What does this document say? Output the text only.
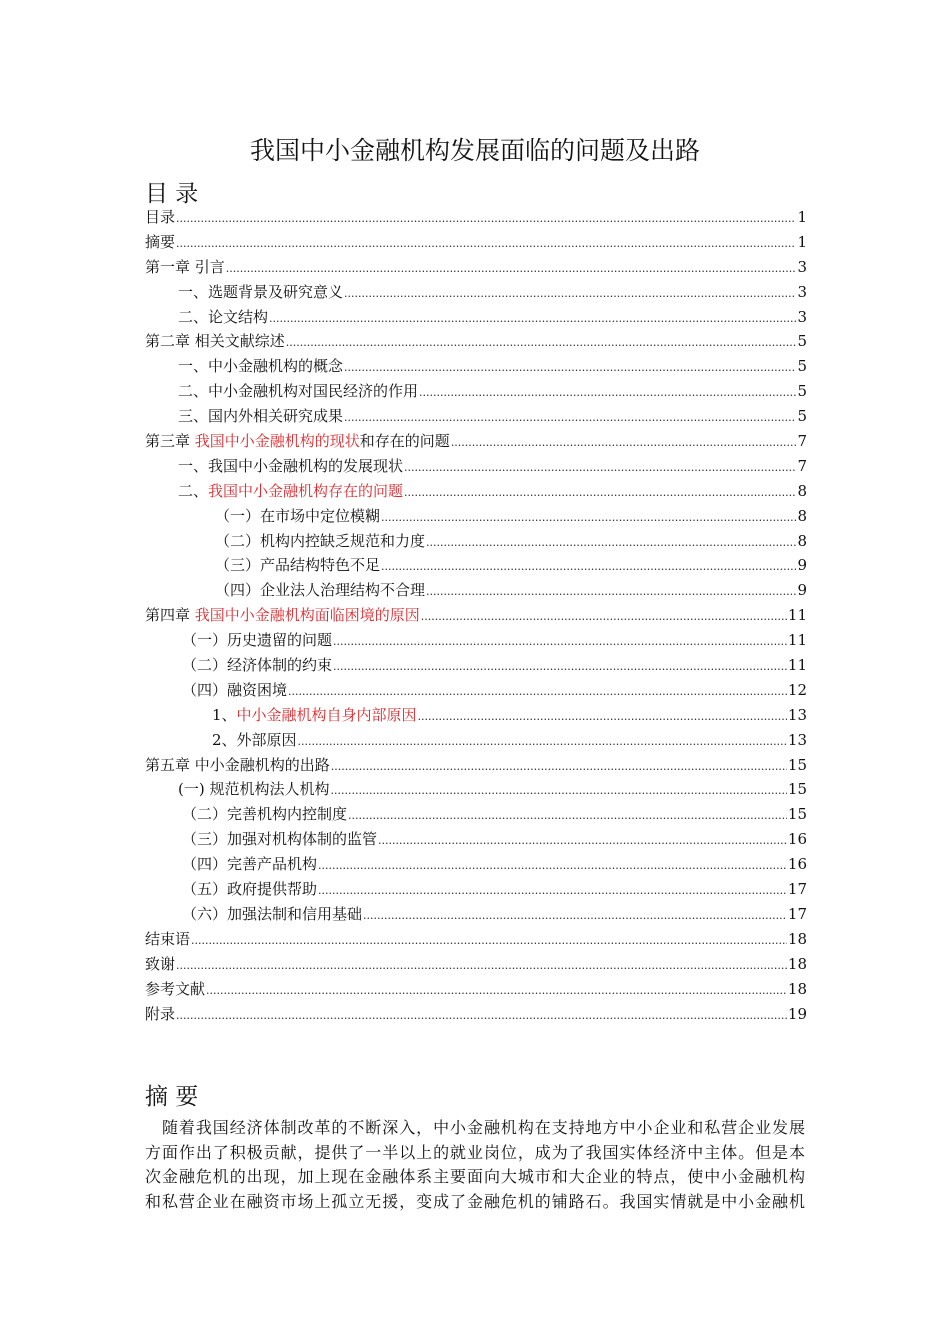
我国中小金融机构发展面临的问题及出路
目 录
目录 .....	1
摘要 .....	1
第一章 引言 .....	3
一、选题背景及研究意义 .....	3
二、论文结构 .....	3
第二章 相关文献综述 .....	5
一、中小金融机构的概念 .....	5
二、中小金融机构对国民经济的作用 .....	5
三、国内外相关研究成果 .....	5
第三章 我国中小金融机构的现状和存在的问题 .....	7
一、我国中小金融机构的发展现状 .....	7
二、我国中小金融机构存在的问题 .....	8
（一）在市场中定位模糊 .....	8
（二）机构内控缺乏规范和力度 .....	8
（三）产品结构特色不足 .....	9
（四）企业法人治理结构不合理 .....	9
第四章 我国中小金融机构面临困境的原因 .....	11
（一）历史遗留的问题 .....	11
（二）经济体制的约束 .....	11
（四）融资困境 .....	12
1、中小金融机构自身内部原因 .....	13
2、外部原因 .....	13
第五章 中小金融机构的出路 .....	15
(一) 规范机构法人机构 .....	15
（二）完善机构内控制度 .....	15
（三）加强对机构体制的监管 .....	16
（四）完善产品机构 .....	16
（五）政府提供帮助 .....	17
（六）加强法制和信用基础 .....	17
结束语 .....	18
致谢 .....	18
参考文献 .....	18
附录 .....	19
摘 要
　随着我国经济体制改革的不断深入，中小金融机构在支持地方中小企业和私营企业发展
方面作出了积极贡献，提供了一半以上的就业岗位，成为了我国实体经济中主体。但是本
次金融危机的出现，加上现在金融体系主要面向大城市和大企业的特点，使中小金融机构
和私营企业在融资市场上孤立无援，变成了金融危机的铺路石。我国实情就是中小金融机
